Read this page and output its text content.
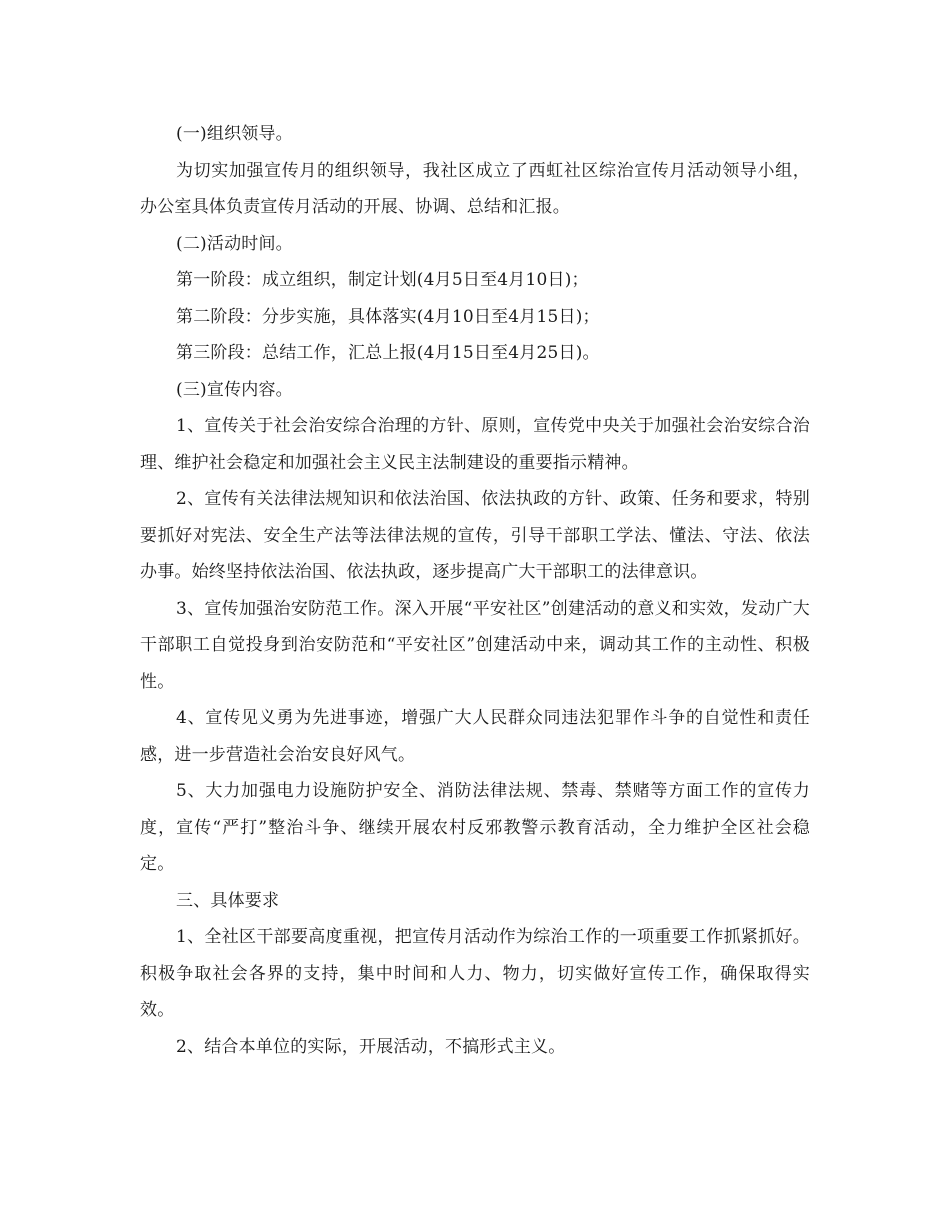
(一)组织领导。

为切实加强宣传月的组织领导，我社区成立了西虹社区综治宣传月活动领导小组，办公室具体负责宣传月活动的开展、协调、总结和汇报。

(二)活动时间。

第一阶段：成立组织，制定计划(4月5日至4月10日)；

第二阶段：分步实施，具体落实(4月10日至4月15日)；

第三阶段：总结工作，汇总上报(4月15日至4月25日)。

(三)宣传内容。

1、宣传关于社会治安综合治理的方针、原则，宣传党中央关于加强社会治安综合治理、维护社会稳定和加强社会主义民主法制建设的重要指示精神。

2、宣传有关法律法规知识和依法治国、依法执政的方针、政策、任务和要求，特别要抓好对宪法、安全生产法等法律法规的宣传，引导干部职工学法、懂法、守法、依法办事。始终坚持依法治国、依法执政，逐步提高广大干部职工的法律意识。

3、宣传加强治安防范工作。深入开展“平安社区”创建活动的意义和实效，发动广大干部职工自觉投身到治安防范和“平安社区”创建活动中来，调动其工作的主动性、积极性。

4、宣传见义勇为先进事迹，增强广大人民群众同违法犯罪作斗争的自觉性和责任感，进一步营造社会治安良好风气。

5、大力加强电力设施防护安全、消防法律法规、禁毒、禁赌等方面工作的宣传力度，宣传“严打”整治斗争、继续开展农村反邪教警示教育活动，全力维护全区社会稳定。

三、具体要求

1、全社区干部要高度重视，把宣传月活动作为综治工作的一项重要工作抓紧抓好。积极争取社会各界的支持，集中时间和人力、物力，切实做好宣传工作，确保取得实效。

2、结合本单位的实际，开展活动，不搞形式主义。
